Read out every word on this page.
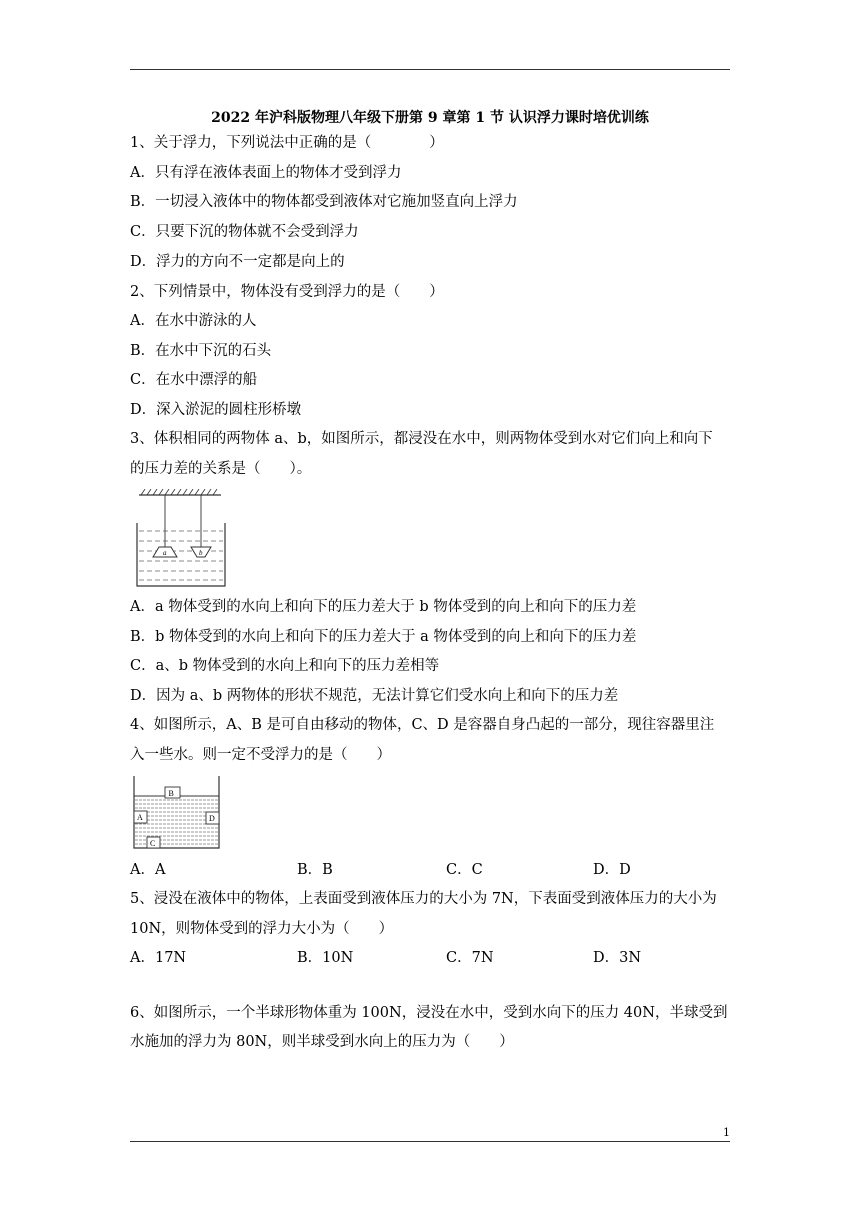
2022 年沪科版物理八年级下册第 9 章第 1 节 认识浮力课时培优训练
1、关于浮力，下列说法中正确的是（　　　　）
A．只有浮在液体表面上的物体才受到浮力
B．一切浸入液体中的物体都受到液体对它施加竖直向上浮力
C．只要下沉的物体就不会受到浮力
D．浮力的方向不一定都是向上的
2、下列情景中，物体没有受到浮力的是（　　）
A．在水中游泳的人
B．在水中下沉的石头
C．在水中漂浮的船
D．深入淤泥的圆柱形桥墩
3、体积相同的两物体 a、b，如图所示，都浸没在水中，则两物体受到水对它们向上和向下
的压力差的关系是（　　）。
a	b
A．a 物体受到的水向上和向下的压力差大于 b 物体受到的向上和向下的压力差
B．b 物体受到的水向上和向下的压力差大于 a 物体受到的向上和向下的压力差
C．a、b 物体受到的水向上和向下的压力差相等
D．因为 a、b 两物体的形状不规范，无法计算它们受水向上和向下的压力差
4、如图所示，A、B 是可自由移动的物体，C、D 是容器自身凸起的一部分，现往容器里注
入一些水。则一定不受浮力的是（　　）
B
A	D
C
A．A	B．B	C．C	D．D
5、浸没在液体中的物体，上表面受到液体压力的大小为 7N，下表面受到液体压力的大小为
10N，则物体受到的浮力大小为（　　）
A．17N	B．10N	C．7N	D．3N
6、如图所示，一个半球形物体重为 100N，浸没在水中，受到水向下的压力 40N，半球受到
水施加的浮力为 80N，则半球受到水向上的压力为（　　）
1
